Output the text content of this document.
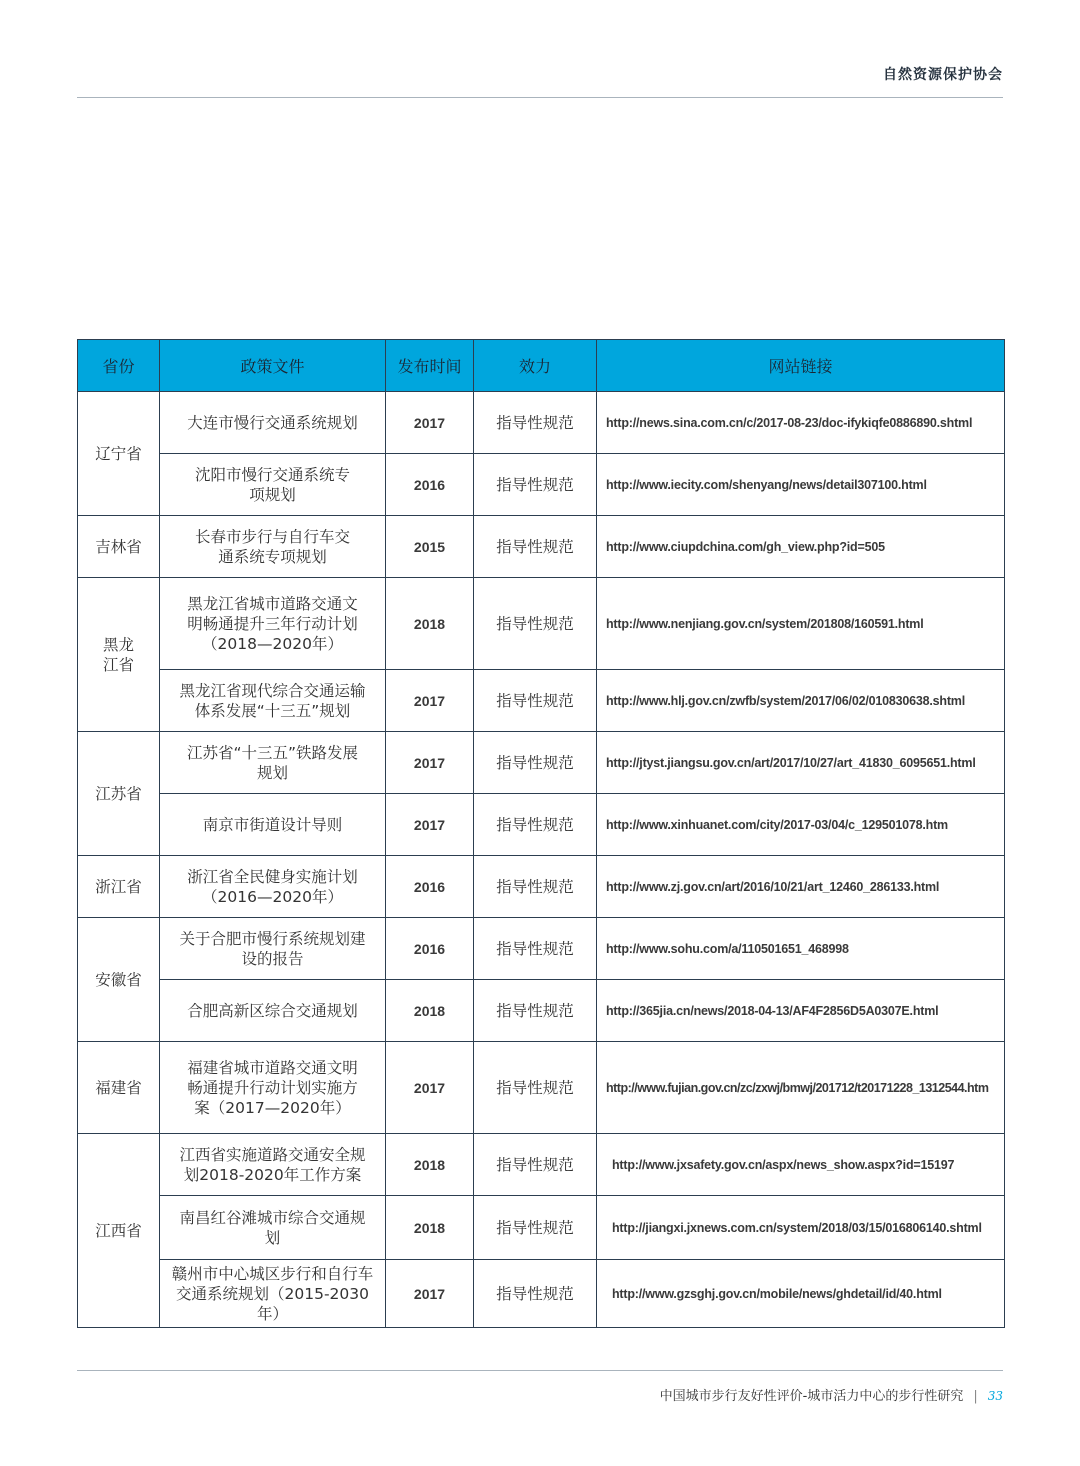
自然资源保护协会
省份	政策文件	发布时间	效力	网站链接
辽宁省	大连市慢行交通系统规划	2017	指导性规范	http://news.sina.com.cn/c/2017-08-23/doc-ifykiqfe0886890.shtml
	沈阳市慢行交通系统专项规划	2016	指导性规范	http://www.iecity.com/shenyang/news/detail307100.html
吉林省	长春市步行与自行车交通系统专项规划	2015	指导性规范	http://www.ciupdchina.com/gh_view.php?id=505
黑龙江省	黑龙江省城市道路交通文明畅通提升三年行动计划（2018—2020年）	2018	指导性规范	http://www.nenjiang.gov.cn/system/201808/160591.html
	黑龙江省现代综合交通运输体系发展“十三五”规划	2017	指导性规范	http://www.hlj.gov.cn/zwfb/system/2017/06/02/010830638.shtml
江苏省	江苏省“十三五”铁路发展规划	2017	指导性规范	http://jtyst.jiangsu.gov.cn/art/2017/10/27/art_41830_6095651.html
	南京市街道设计导则	2017	指导性规范	http://www.xinhuanet.com/city/2017-03/04/c_129501078.htm
浙江省	浙江省全民健身实施计划（2016—2020年）	2016	指导性规范	http://www.zj.gov.cn/art/2016/10/21/art_12460_286133.html
安徽省	关于合肥市慢行系统规划建设的报告	2016	指导性规范	http://www.sohu.com/a/110501651_468998
	合肥高新区综合交通规划	2018	指导性规范	http://365jia.cn/news/2018-04-13/AF4F2856D5A0307E.html
福建省	福建省城市道路交通文明畅通提升行动计划实施方案（2017—2020年）	2017	指导性规范	http://www.fujian.gov.cn/zc/zxwj/bmwj/201712/t20171228_1312544.htm
江西省	江西省实施道路交通安全规划2018-2020年工作方案	2018	指导性规范	http://www.jxsafety.gov.cn/aspx/news_show.aspx?id=15197
	南昌红谷滩城市综合交通规划	2018	指导性规范	http://jiangxi.jxnews.com.cn/system/2018/03/15/016806140.shtml
	赣州市中心城区步行和自行车交通系统规划（2015-2030年）	2017	指导性规范	http://www.gzsghj.gov.cn/mobile/news/ghdetail/id/40.html
中国城市步行友好性评价-城市活力中心的步行性研究 | 33
